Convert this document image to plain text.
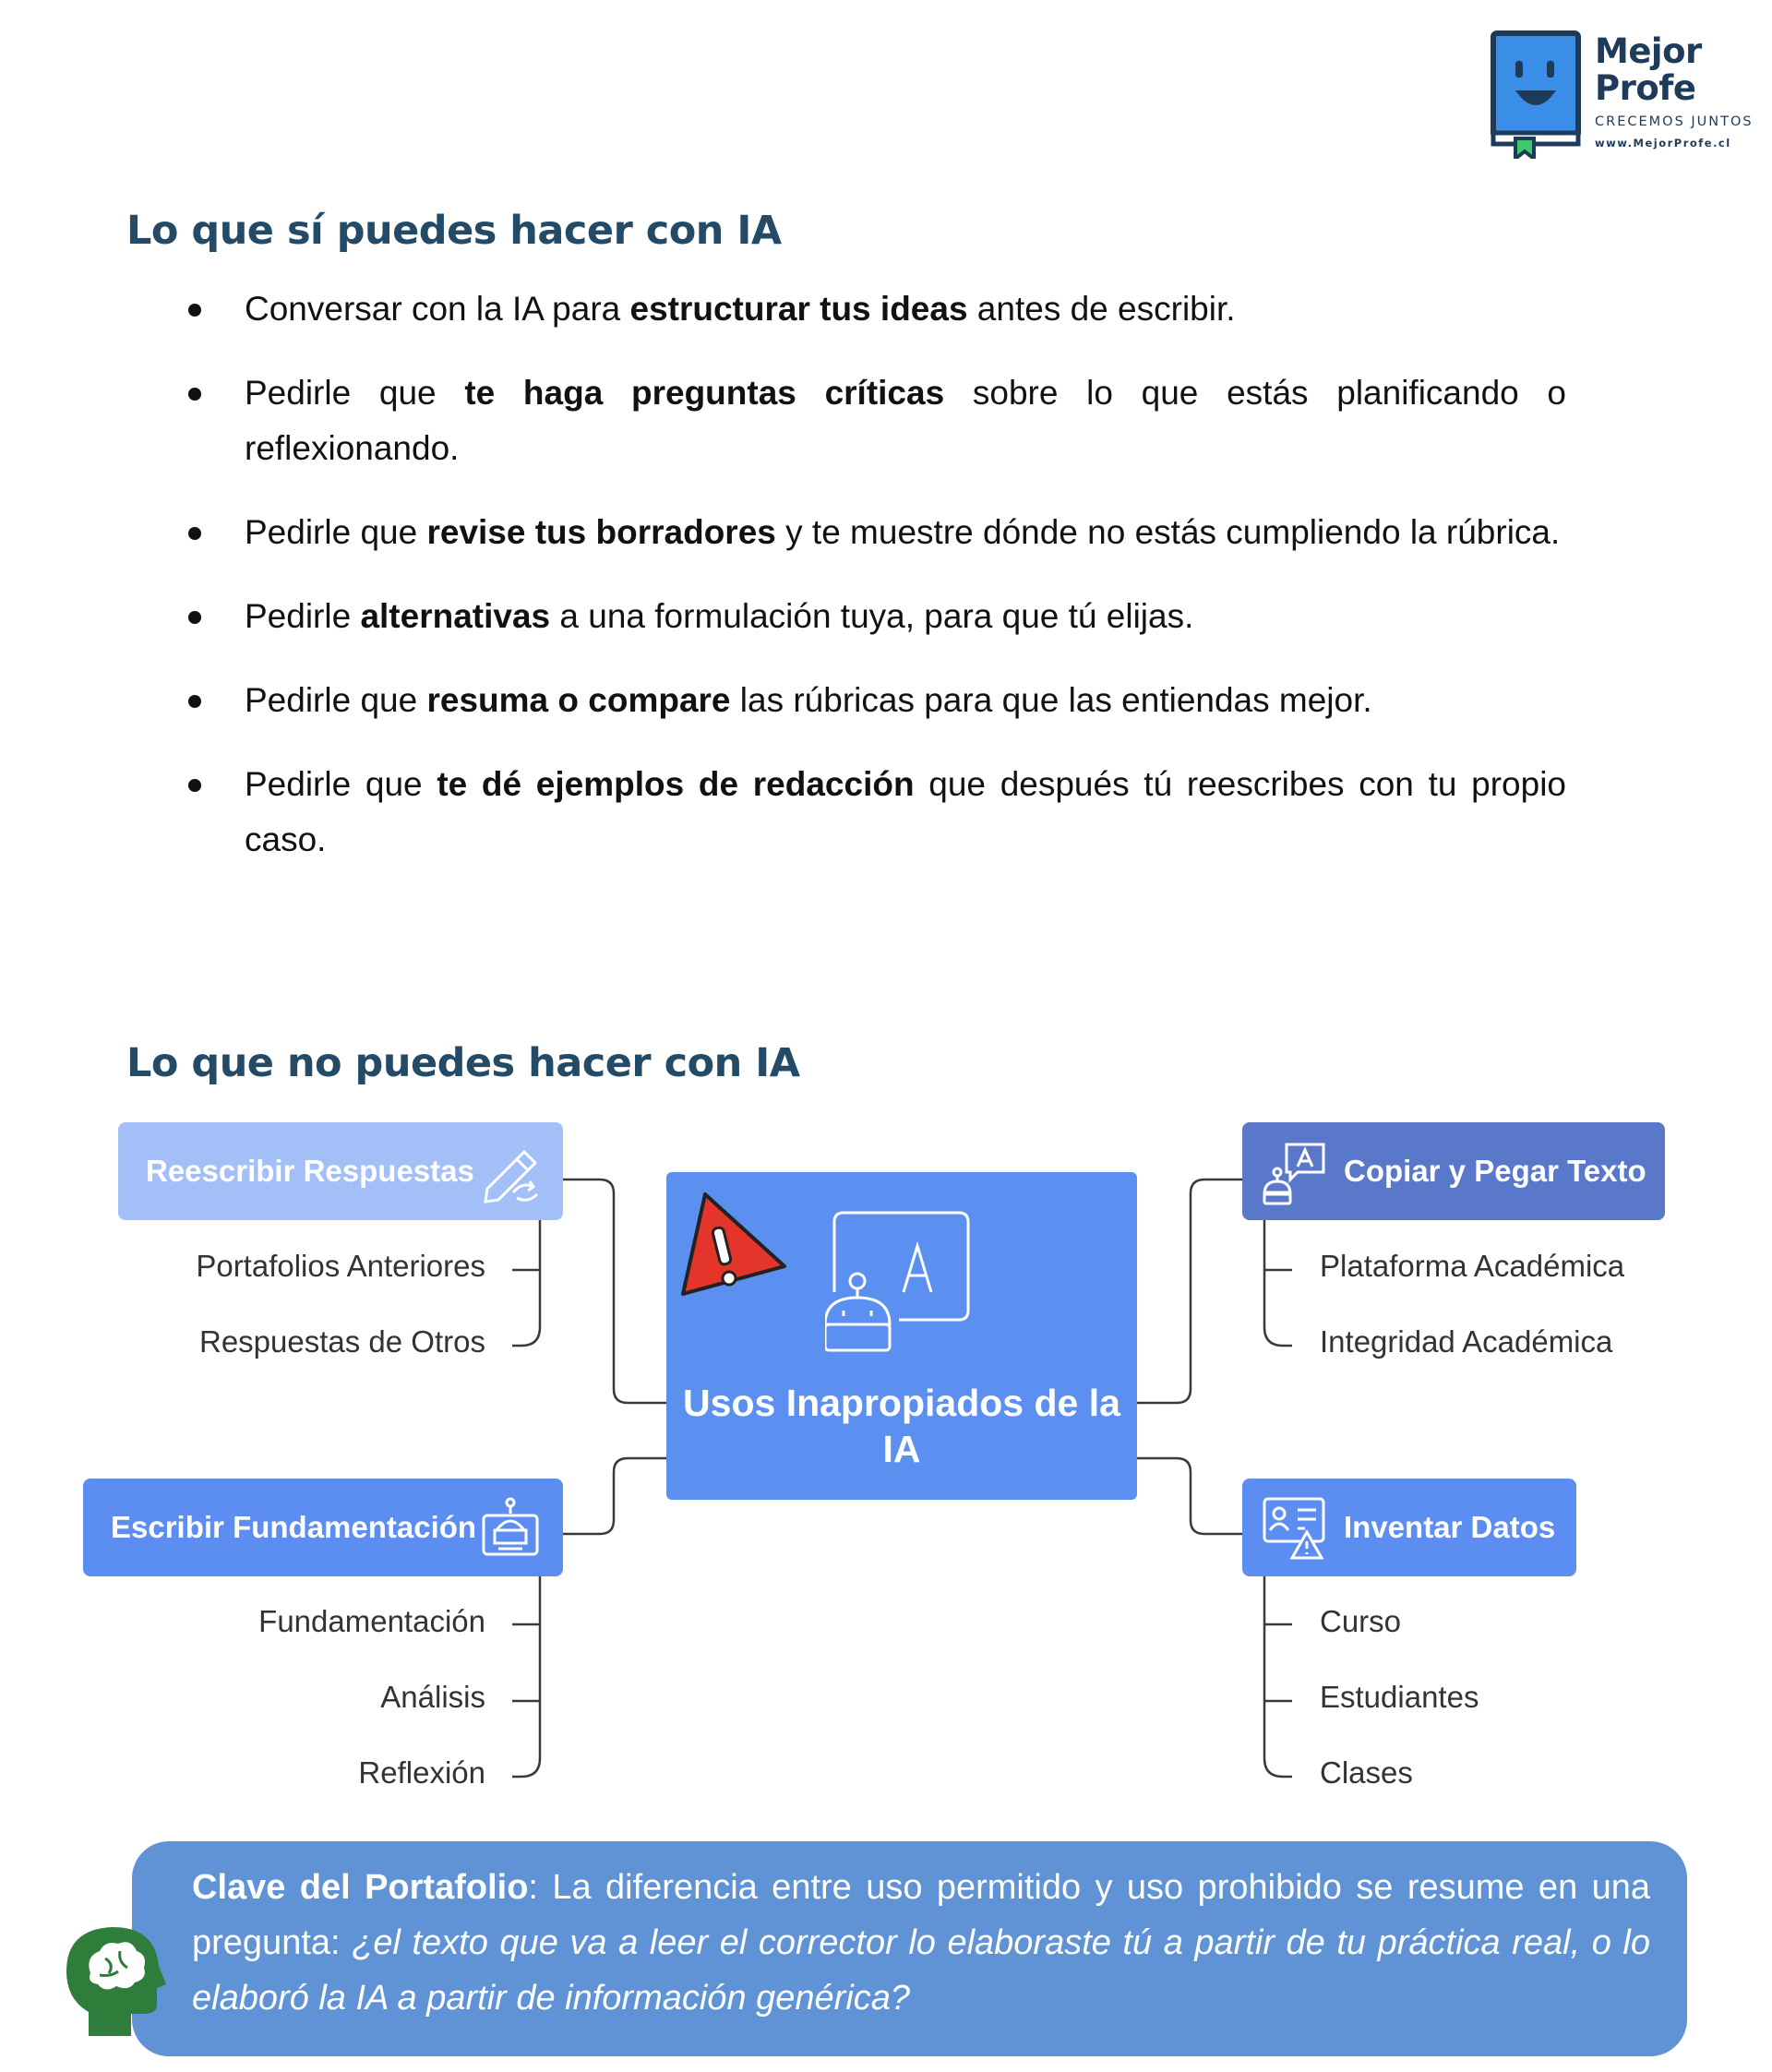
Mejor
Profe
CRECEMOS JUNTOS
www.MejorProfe.cl
Lo que sí puedes hacer con IA
Conversar con la IA para estructurar tus ideas antes de escribir.
Pedirle que te haga preguntas críticas sobre lo que estás planificando o reflexionando.
Pedirle que revise tus borradores y te muestre dónde no estás cumpliendo la rúbrica.
Pedirle alternativas a una formulación tuya, para que tú elijas.
Pedirle que resuma o compare las rúbricas para que las entiendas mejor.
Pedirle que te dé ejemplos de redacción que después tú reescribes con tu propio caso.
Lo que no puedes hacer con IA
Reescribir Respuestas
Portafolios Anteriores
Respuestas de Otros
Escribir Fundamentación
Fundamentación
Análisis
Reflexión
Usos Inapropiados de la IA
Copiar y Pegar Texto
Plataforma Académica
Integridad Académica
Inventar Datos
Curso
Estudiantes
Clases
Clave del Portafolio: La diferencia entre uso permitido y uso prohibido se resume en una pregunta: ¿el texto que va a leer el corrector lo elaboraste tú a partir de tu práctica real, o lo elaboró la IA a partir de información genérica?
